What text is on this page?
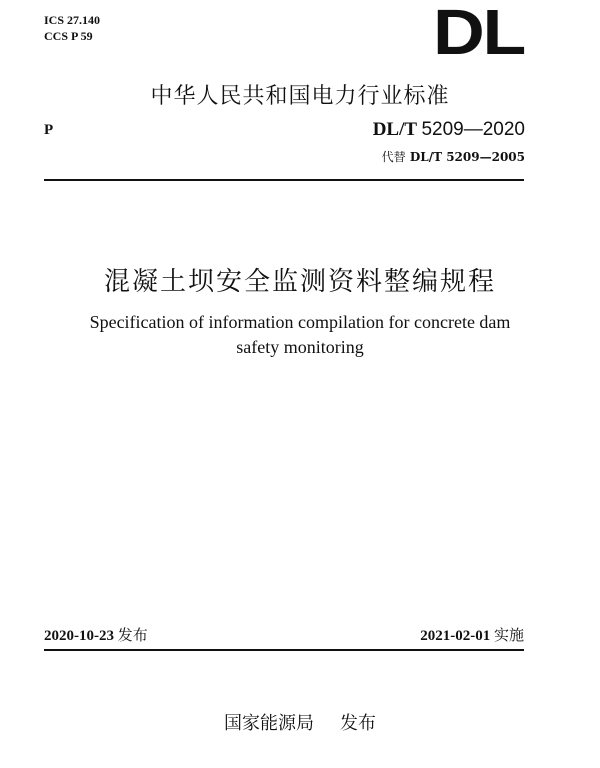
ICS 27.140
CCS P 59	DL
中华人民共和国电力行业标准
P	DL/T 5209—2020
代替 DL/T 5209—2005
混凝土坝安全监测资料整编规程
Specification of information compilation for concrete dam
safety monitoring
2020-10-23 发布	2021-02-01 实施
国家能源局 发布
